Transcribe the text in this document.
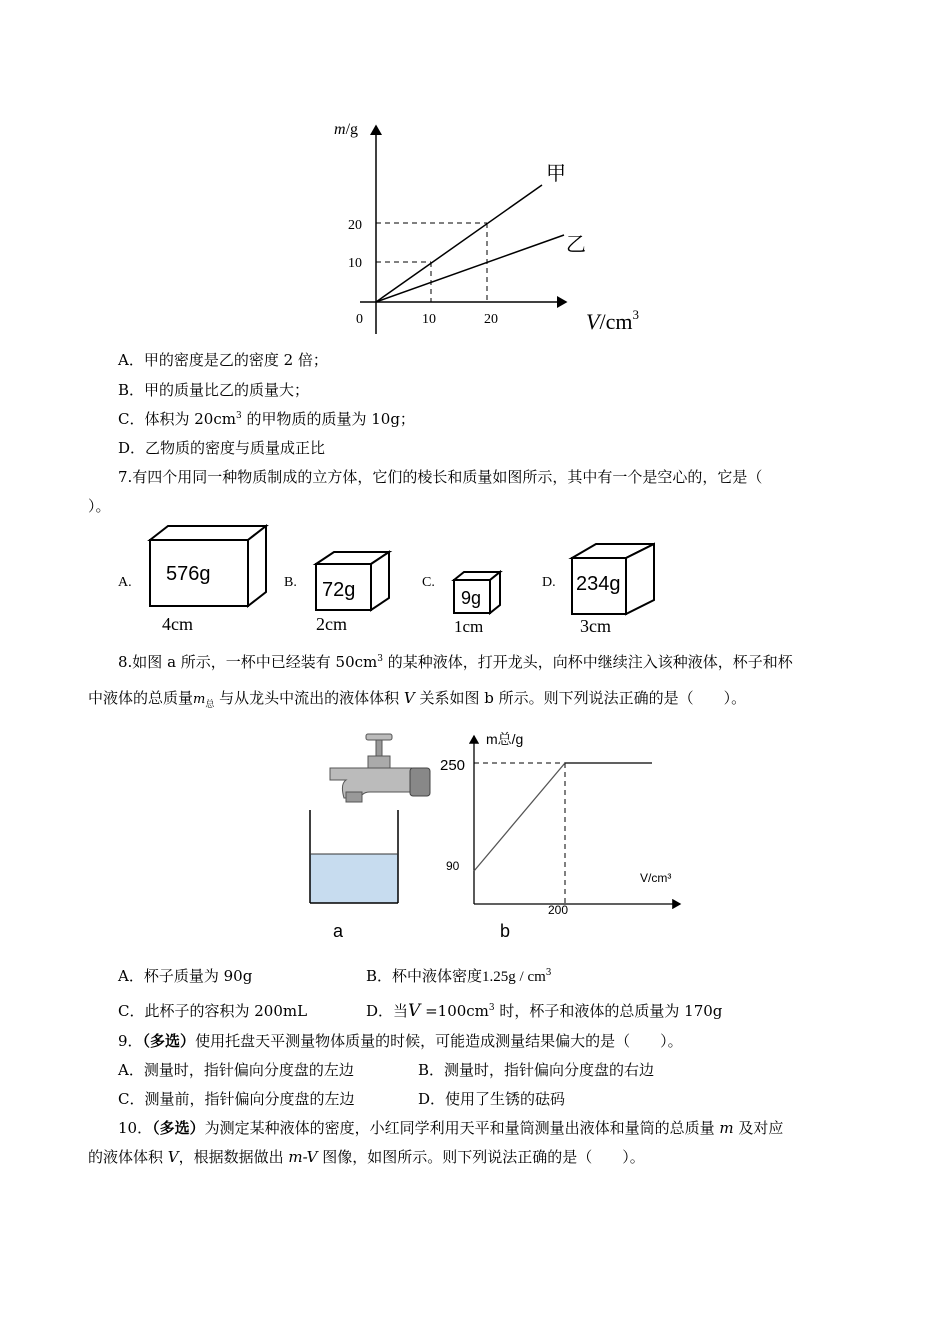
甲
乙
m/g
20
10
0	10	20	$V/cm^3$
A．甲的密度是乙的密度 2 倍；
B．甲的质量比乙的质量大；
C．体积为 $20cm^3$ 的甲物质的质量为 10g；
D．乙物质的密度与质量成正比
7.有四个用同一种物质制成的立方体，它们的棱长和质量如图所示，其中有一个是空心的，它是（
）。
A. 576g
4cm
B. 72g
2cm
C.
9g
1cm
D. 234g
3cm
8.如图 a 所示，一杯中已经装有 $50cm^3$ 的某种液体，打开龙头，向杯中继续注入该种液体，杯子和杯
中液体的总质量$m_总$ 与从龙头中流出的液体体积 V 关系如图 b 所示。则下列说法正确的是（　　）。
a
m总/g
250
90
V/cm³
200
b
A．杯子质量为 90g	B．杯中液体密度$1.25g / cm^3$
C．此杯子的容积为 200mL	D．当$V =100cm^3$ 时，杯子和液体的总质量为 170g
9．（多选）使用托盘天平测量物体质量的时候，可能造成测量结果偏大的是（　　）。
A．测量时，指针偏向分度盘的左边	B．测量时，指针偏向分度盘的右边
C．测量前，指针偏向分度盘的左边	D．使用了生锈的砝码
10．（多选）为测定某种液体的密度，小红同学利用天平和量筒测量出液体和量筒的总质量 m 及对应
的液体体积 V，根据数据做出 m-V 图像，如图所示。则下列说法正确的是（　　）。
